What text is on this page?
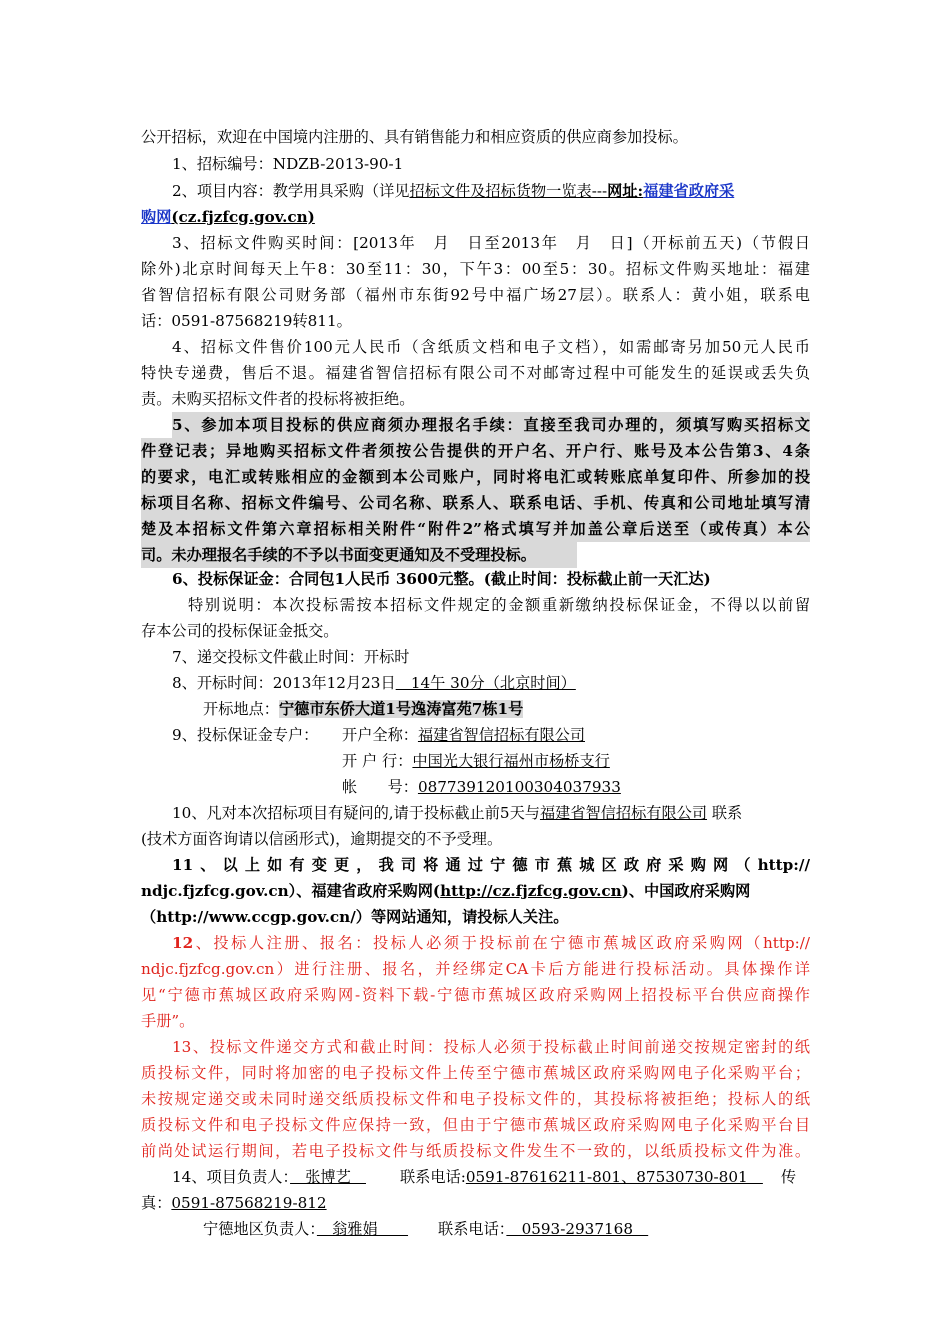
公开招标，欢迎在中国境内注册的、具有销售能力和相应资质的供应商参加投标。
1、招标编号：NDZB-2013-90-1
2、项目内容：教学用具采购（详见招标文件及招标货物一览表---网址:福建省政府采
购网(cz.fjzfcg.gov.cn)
3、招标文件购买时间：[2013年　月　日至2013年　月　日]（开标前五天)（节假日
除外)北京时间每天上午8：30至11：30，下午3：00至5：30。招标文件购买地址：福建
省智信招标有限公司财务部（福州市东街92号中福广场27层）。联系人：黄小姐，联系电
话：0591-87568219转811。
4、招标文件售价100元人民币（含纸质文档和电子文档），如需邮寄另加50元人民币
特快专递费，售后不退。福建省智信招标有限公司不对邮寄过程中可能发生的延误或丢失负
责。未购买招标文件者的投标将被拒绝。
5、参加本项目投标的供应商须办理报名手续：直接至我司办理的，须填写购买招标文
件登记表；异地购买招标文件者须按公告提供的开户名、开户行、账号及本公告第3、4条
的要求，电汇或转账相应的金额到本公司账户，同时将电汇或转账底单复印件、所参加的投
标项目名称、招标文件编号、公司名称、联系人、联系电话、手机、传真和公司地址填写清
楚及本招标文件第六章招标相关附件“附件2”格式填写并加盖公章后送至（或传真）本公
司。未办理报名手续的不予以书面变更通知及不受理投标。
6、投标保证金：合同包1人民币 3600元整。(截止时间：投标截止前一天汇达)
特别说明：本次投标需按本招标文件规定的金额重新缴纳投标保证金，不得以以前留
存本公司的投标保证金抵交。
7、递交投标文件截止时间：开标时
8、开标时间：2013年12月23日　14午 30分（北京时间）
开标地点：宁德市东侨大道1号逸涛富苑7栋1号
9、投标保证金专户： 开户全称：福建省智信招标有限公司
开 户 行：中国光大银行福州市杨桥支行
帐　　号：087739120100304037933
10、凡对本次招标项目有疑问的,请于投标截止前5天与福建省智信招标有限公司 联系
(技术方面咨询请以信函形式)，逾期提交的不予受理。
11、以上如有变更，我司将通过宁德市蕉城区政府采购网（http://
ndjc.fjzfcg.gov.cn）、福建省政府采购网(http://cz.fjzfcg.gov.cn)、中国政府采购网
（http://www.ccgp.gov.cn/）等网站通知，请投标人关注。
12、投标人注册、报名：投标人必须于投标前在宁德市蕉城区政府采购网（http://
ndjc.fjzfcg.gov.cn）进行注册、报名，并经绑定CA卡后方能进行投标活动。具体操作详
见“宁德市蕉城区政府采购网-资料下载-宁德市蕉城区政府采购网上招投标平台供应商操作
手册”。
13、投标文件递交方式和截止时间：投标人必须于投标截止时间前递交按规定密封的纸
质投标文件，同时将加密的电子投标文件上传至宁德市蕉城区政府采购网电子化采购平台；
未按规定递交或未同时递交纸质投标文件和电子投标文件的，其投标将被拒绝；投标人的纸
质投标文件和电子投标文件应保持一致，但由于宁德市蕉城区政府采购网电子化采购平台目
前尚处试运行期间，若电子投标文件与纸质投标文件发生不一致的，以纸质投标文件为准。
14、项目负责人：　张博艺　联系电话:0591-87616211-801、87530730-801　传
真：0591-87568219-812
宁德地区负责人：　翁雅娟　　联系电话：　0593-2937168　
